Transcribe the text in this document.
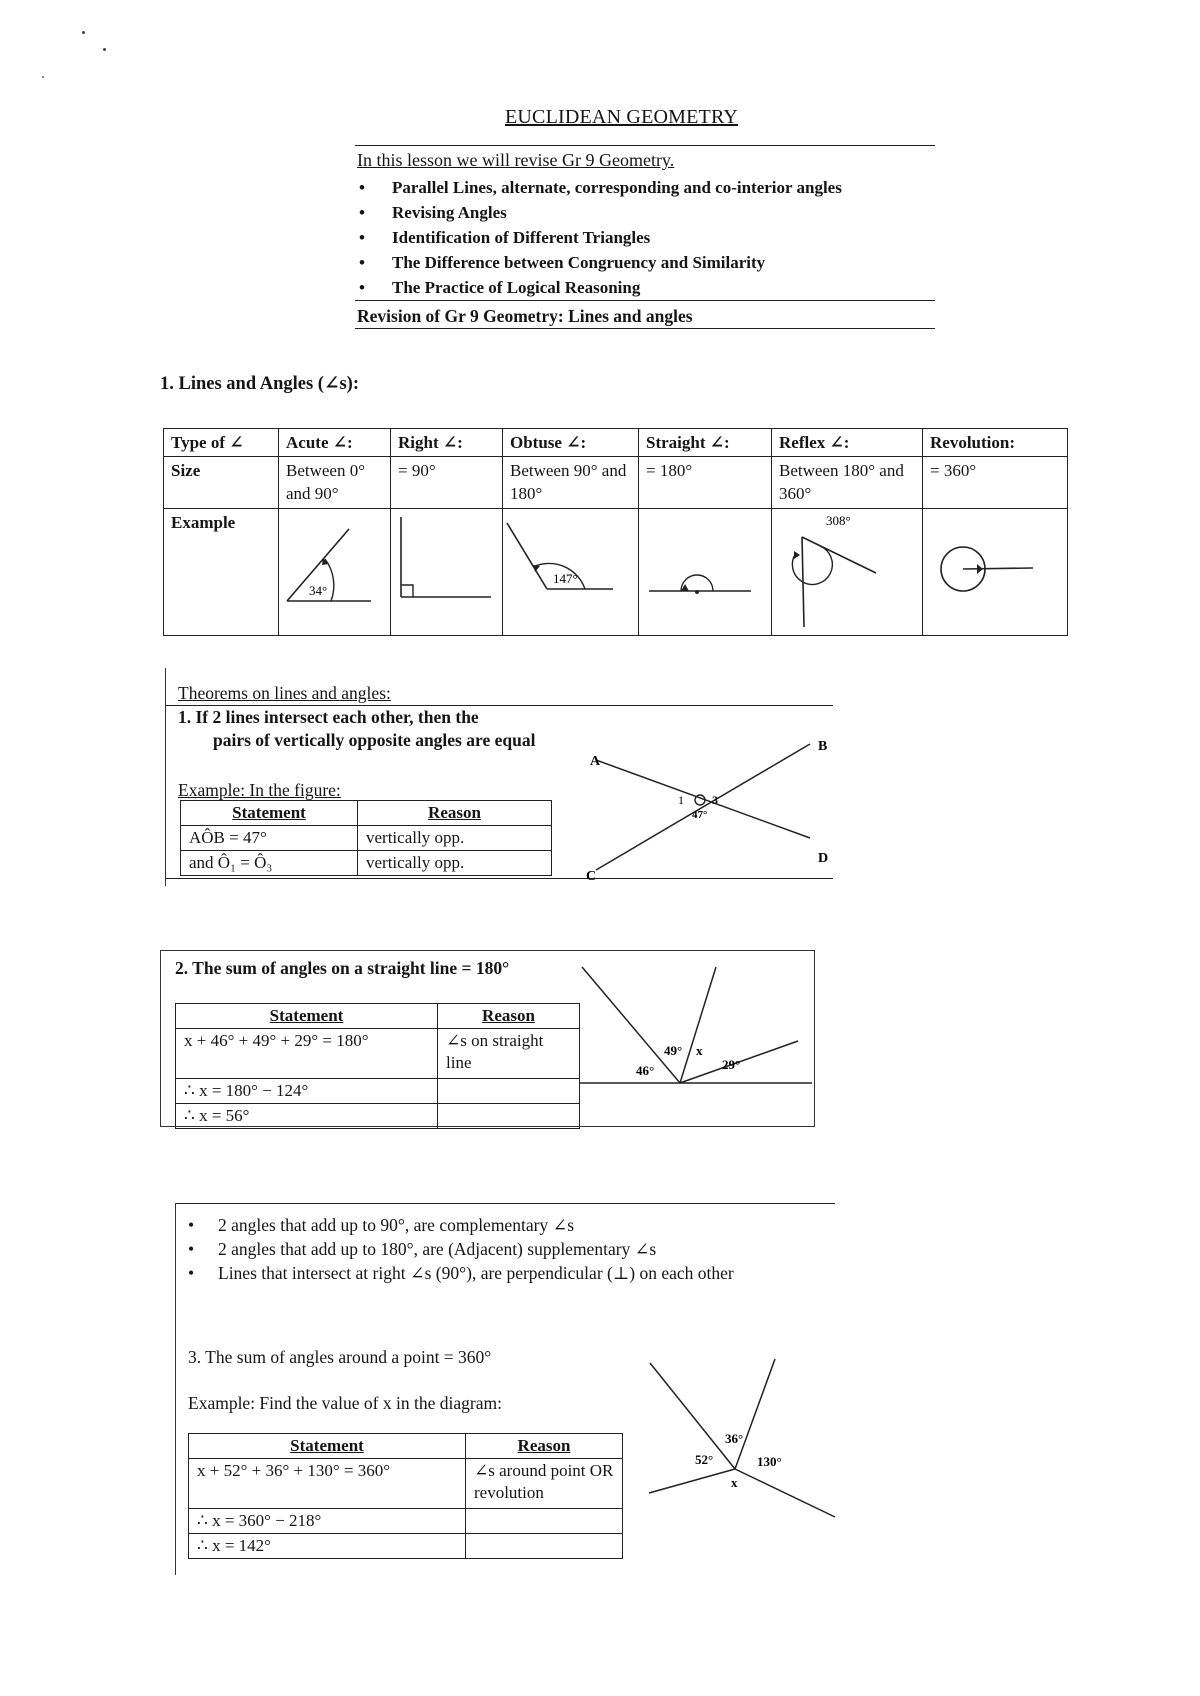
EUCLIDEAN GEOMETRY
In this lesson we will revise Gr 9 Geometry.
• Parallel Lines, alternate, corresponding and co-interior angles
• Revising Angles
• Identification of Different Triangles
• The Difference between Congruency and Similarity
• The Practice of Logical Reasoning
Revision of Gr 9 Geometry: Lines and angles
1. Lines and Angles (∠s):
Type of ∠	Acute ∠:	Right ∠:	Obtuse ∠:	Straight ∠:	Reflex ∠:	Revolution:
Size	Between 0° and 90°	= 90°	Between 90° and 180°	= 180°	Between 180° and 360°	= 360°
Example	34°		147°		308°

Theorems on lines and angles:
1. If 2 lines intersect each other, then the
pairs of vertically opposite angles are equal
Example: In the figure:
Statement	Reason
AÔB = 47°	vertically opp.
and Ô₁ = Ô₃	vertically opp.
A
B
C
D
1 3
47°
2. The sum of angles on a straight line = 180°
Statement	Reason
x + 46° + 49° + 29° = 180°	∠s on straight line
∴ x = 180° − 124°	
∴ x = 56°	
46°
49° x
29°
• 2 angles that add up to 90°, are complementary ∠s
• 2 angles that add up to 180°, are (Adjacent) supplementary ∠s
• Lines that intersect at right ∠s (90°), are perpendicular (⊥) on each other
3. The sum of angles around a point = 360°
Example: Find the value of x in the diagram:
Statement	Reason
x + 52° + 36° + 130° = 360°	∠s around point OR revolution
∴ x = 360° − 218°	
∴ x = 142°	
36°
52°	130°
x
